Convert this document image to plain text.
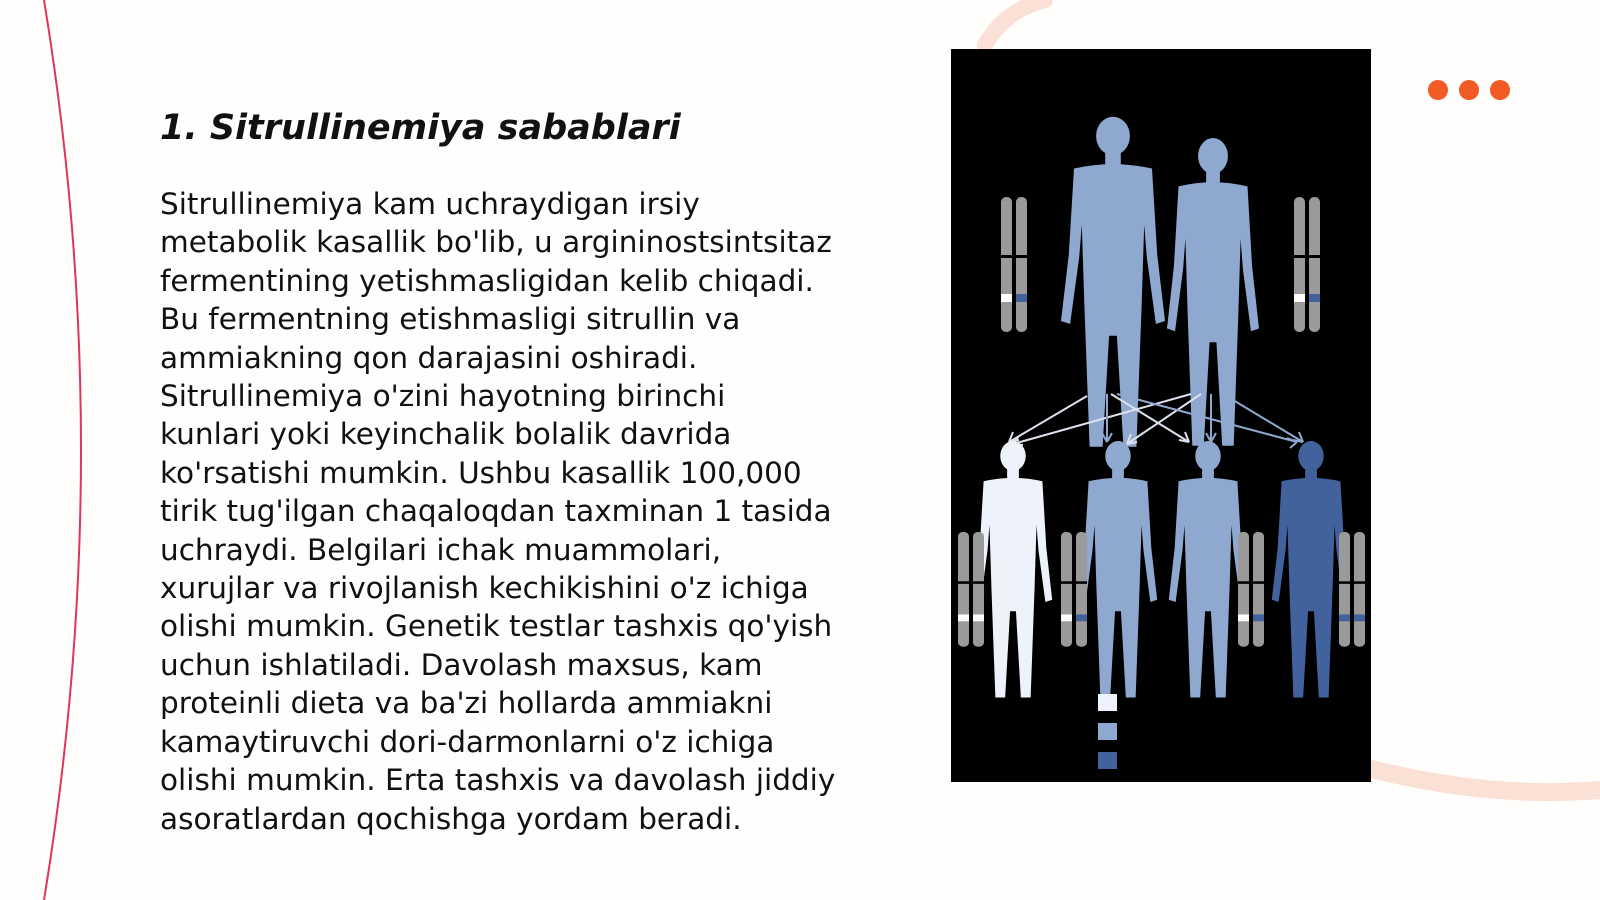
1. Sitrullinemiya sabablari

Sitrullinemiya kam uchraydigan irsiy
metabolik kasallik bo'lib, u argininostsintsitaz
fermentining yetishmasligidan kelib chiqadi.
Bu fermentning etishmasligi sitrullin va
ammiakning qon darajasini oshiradi.
Sitrullinemiya o'zini hayotning birinchi
kunlari yoki keyinchalik bolalik davrida
ko'rsatishi mumkin. Ushbu kasallik 100,000
tirik tug'ilgan chaqaloqdan taxminan 1 tasida
uchraydi. Belgilari ichak muammolari,
xurujlar va rivojlanish kechikishini o'z ichiga
olishi mumkin. Genetik testlar tashxis qo'yish
uchun ishlatiladi. Davolash maxsus, kam
proteinli dieta va ba'zi hollarda ammiakni
kamaytiruvchi dori-darmonlarni o'z ichiga
olishi mumkin. Erta tashxis va davolash jiddiy
asoratlardan qochishga yordam beradi.
